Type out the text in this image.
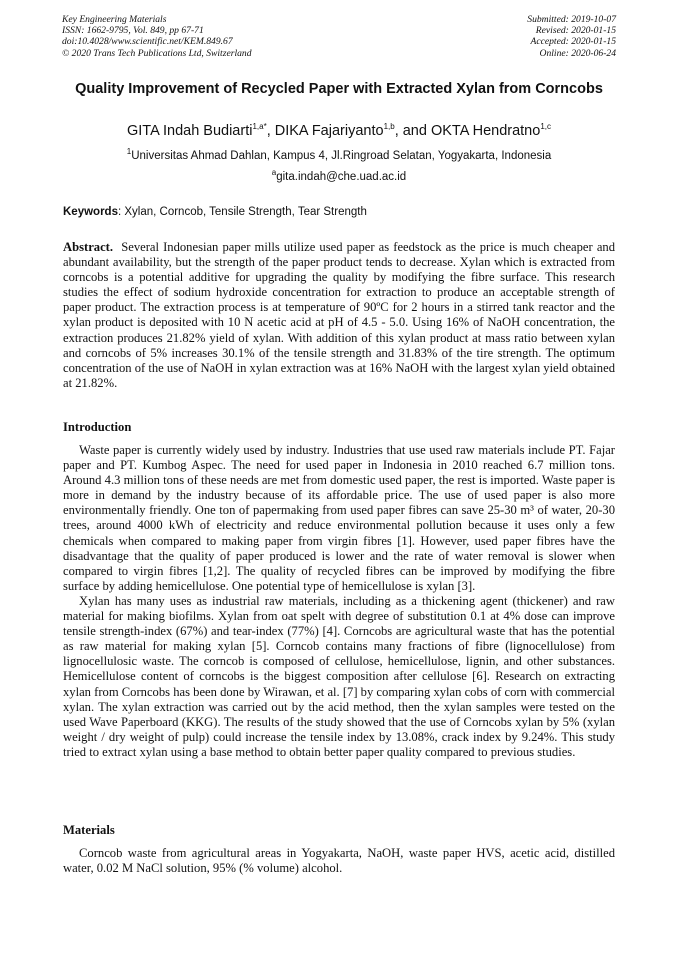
Key Engineering Materials
ISSN: 1662-9795, Vol. 849, pp 67-71
doi:10.4028/www.scientific.net/KEM.849.67
© 2020 Trans Tech Publications Ltd, Switzerland
Submitted: 2019-10-07
Revised: 2020-01-15
Accepted: 2020-01-15
Online: 2020-06-24
Quality Improvement of Recycled Paper with Extracted Xylan from Corncobs
GITA Indah Budiarti$^{1,a*}$, DIKA Fajariyanto$^{1,b}$, and OKTA Hendratno$^{1,c}$
$^1$Universitas Ahmad Dahlan, Kampus 4, Jl.Ringroad Selatan, Yogyakarta, Indonesia
$^a$gita.indah@che.uad.ac.id
Keywords: Xylan, Corncob, Tensile Strength, Tear Strength

Abstract. Several Indonesian paper mills utilize used paper as feedstock as the price is much cheaper and abundant availability, but the strength of the paper product tends to decrease. Xylan which is extracted from corncobs is a potential additive for upgrading the quality by modifying the fibre surface. This research studies the effect of sodium hydroxide concentration for extraction to produce an acceptable strength of paper product. The extraction process is at temperature of 90ºC for 2 hours in a stirred tank reactor and the xylan product is deposited with 10 N acetic acid at pH of 4.5 - 5.0. Using 16% of NaOH concentration, the extraction produces 21.82% yield of xylan. With addition of this xylan product at mass ratio between xylan and corncobs of 5% increases 30.1% of the tensile strength and 31.83% of the tire strength. The optimum concentration of the use of NaOH in xylan extraction was at 16% NaOH with the largest xylan yield obtained at 21.82%.

Introduction

Waste paper is currently widely used by industry. Industries that use used raw materials include PT. Fajar paper and PT. Kumbog Aspec. The need for used paper in Indonesia in 2010 reached 6.7 million tons. Around 4.3 million tons of these needs are met from domestic used paper, the rest is imported. Waste paper is more in demand by the industry because of its affordable price. The use of used paper is also more environmentally friendly. One ton of papermaking from used paper fibres can save 25-30 m³ of water, 20-30 trees, around 4000 kWh of electricity and reduce environmental pollution because it uses only a few chemicals when compared to making paper from virgin fibres [1]. However, used paper fibres have the disadvantage that the quality of paper produced is lower and the rate of water removal is slower when compared to virgin fibres [1,2]. The quality of recycled fibres can be improved by modifying the fibre surface by adding hemicellulose. One potential type of hemicellulose is xylan [3].

Xylan has many uses as industrial raw materials, including as a thickening agent (thickener) and raw material for making biofilms. Xylan from oat spelt with degree of substitution 0.1 at 4% dose can improve tensile strength-index (67%) and tear-index (77%) [4]. Corncobs are agricultural waste that has the potential as raw material for making xylan [5]. Corncob contains many fractions of fibre (lignocellulose) from lignocellulosic waste. The corncob is composed of cellulose, hemicellulose, lignin, and other substances. Hemicellulose content of corncobs is the biggest composition after cellulose [6]. Research on extracting xylan from Corncobs has been done by Wirawan, et al. [7] by comparing xylan cobs of corn with commercial xylan. The xylan extraction was carried out by the acid method, then the xylan samples were tested on the used Wave Paperboard (KKG). The results of the study showed that the use of Corncobs xylan by 5% (xylan weight / dry weight of pulp) could increase the tensile index by 13.08%, crack index by 9.24%. This study tried to extract xylan using a base method to obtain better paper quality compared to previous studies.

Materials

Corncob waste from agricultural areas in Yogyakarta, NaOH, waste paper HVS, acetic acid, distilled water, 0.02 M NaCl solution, 95% (% volume) alcohol.
